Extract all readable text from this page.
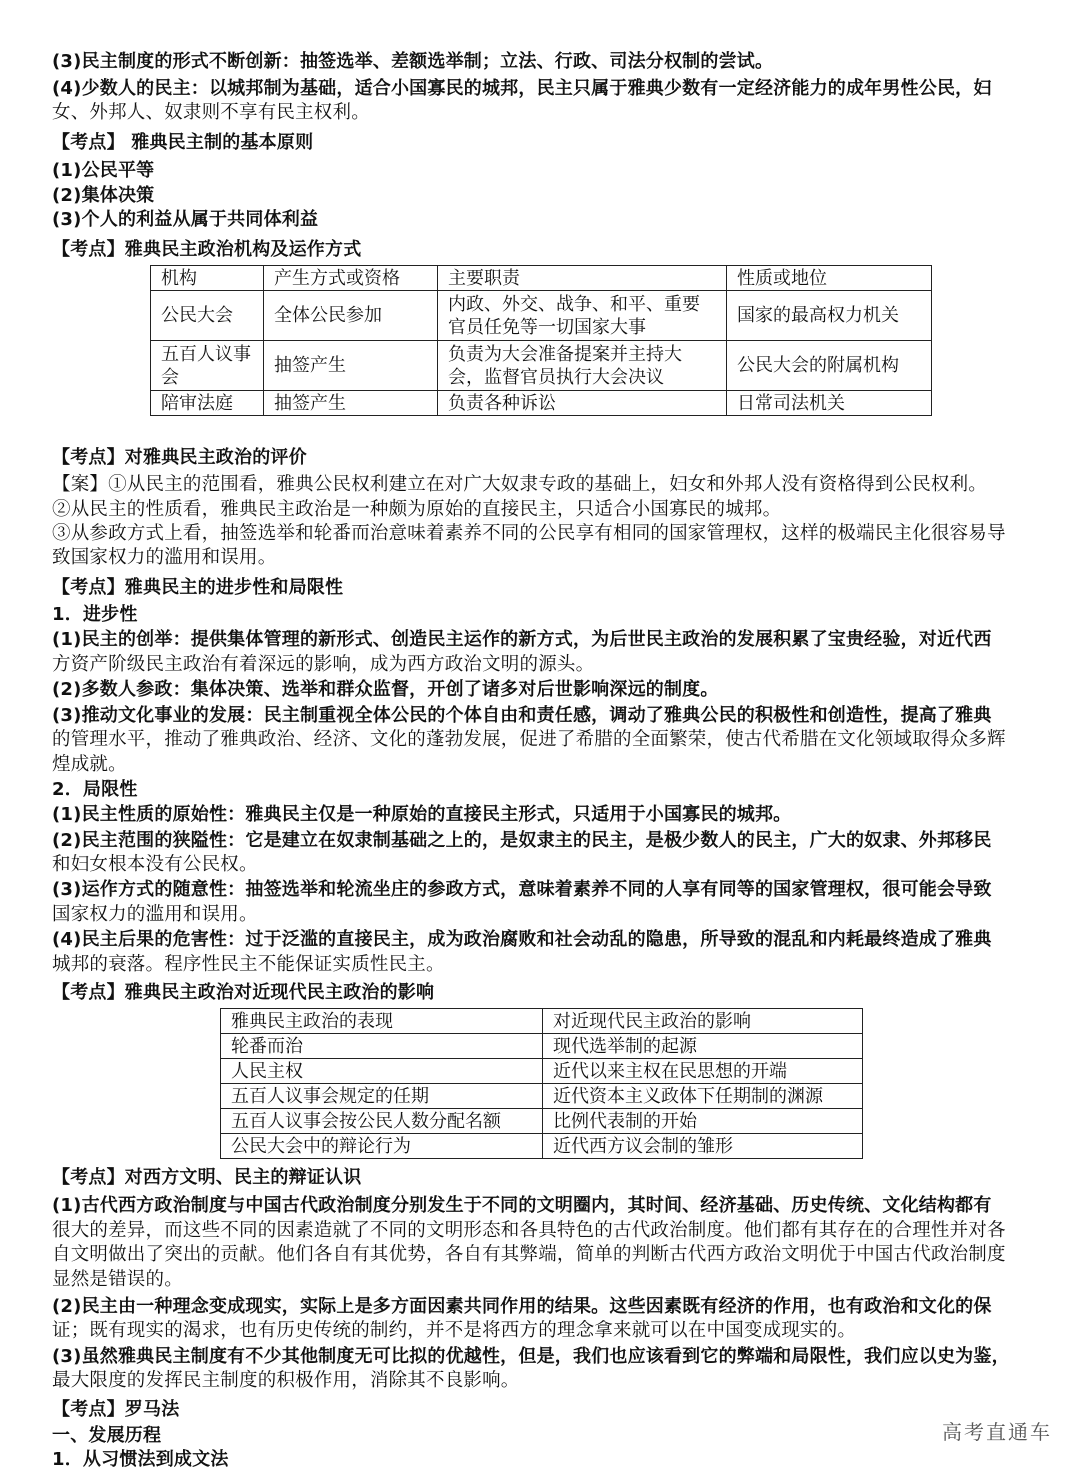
(3)民主制度的形式不断创新：抽签选举、差额选举制；立法、行政、司法分权制的尝试。
(4)少数人的民主：以城邦制为基础，适合小国寡民的城邦，民主只属于雅典少数有一定经济能力的成年男性公民，妇
女、外邦人、奴隶则不享有民主权利。
【考点】 雅典民主制的基本原则
(1)公民平等
(2)集体决策
(3)个人的利益从属于共同体利益
【考点】雅典民主政治机构及运作方式
机构	产生方式或资格	主要职责	性质或地位
公民大会	全体公民参加	内政、外交、战争、和平、重要官员任免等一切国家大事	国家的最高权力机关
五百人议事会	抽签产生	负责为大会准备提案并主持大会，监督官员执行大会决议	公民大会的附属机构
陪审法庭	抽签产生	负责各种诉讼	日常司法机关
【考点】对雅典民主政治的评价
【案】①从民主的范围看，雅典公民权利建立在对广大奴隶专政的基础上，妇女和外邦人没有资格得到公民权利。
②从民主的性质看，雅典民主政治是一种颇为原始的直接民主，只适合小国寡民的城邦。
③从参政方式上看，抽签选举和轮番而治意味着素养不同的公民享有相同的国家管理权，这样的极端民主化很容易导
致国家权力的滥用和误用。
【考点】雅典民主的进步性和局限性
1．进步性
(1)民主的创举：提供集体管理的新形式、创造民主运作的新方式，为后世民主政治的发展积累了宝贵经验，对近代西
方资产阶级民主政治有着深远的影响，成为西方政治文明的源头。
(2)多数人参政：集体决策、选举和群众监督，开创了诸多对后世影响深远的制度。
(3)推动文化事业的发展：民主制重视全体公民的个体自由和责任感，调动了雅典公民的积极性和创造性，提高了雅典
的管理水平，推动了雅典政治、经济、文化的蓬勃发展，促进了希腊的全面繁荣，使古代希腊在文化领域取得众多辉
煌成就。
2．局限性
(1)民主性质的原始性：雅典民主仅是一种原始的直接民主形式，只适用于小国寡民的城邦。
(2)民主范围的狭隘性：它是建立在奴隶制基础之上的，是奴隶主的民主，是极少数人的民主，广大的奴隶、外邦移民
和妇女根本没有公民权。
(3)运作方式的随意性：抽签选举和轮流坐庄的参政方式，意味着素养不同的人享有同等的国家管理权，很可能会导致
国家权力的滥用和误用。
(4)民主后果的危害性：过于泛滥的直接民主，成为政治腐败和社会动乱的隐患，所导致的混乱和内耗最终造成了雅典
城邦的衰落。程序性民主不能保证实质性民主。
【考点】雅典民主政治对近现代民主政治的影响
雅典民主政治的表现	对近现代民主政治的影响
轮番而治	现代选举制的起源
人民主权	近代以来主权在民思想的开端
五百人议事会规定的任期	近代资本主义政体下任期制的渊源
五百人议事会按公民人数分配名额	比例代表制的开始
公民大会中的辩论行为	近代西方议会制的雏形
【考点】对西方文明、民主的辩证认识
(1)古代西方政治制度与中国古代政治制度分别发生于不同的文明圈内，其时间、经济基础、历史传统、文化结构都有
很大的差异，而这些不同的因素造就了不同的文明形态和各具特色的古代政治制度。他们都有其存在的合理性并对各
自文明做出了突出的贡献。他们各自有其优势，各自有其弊端，简单的判断古代西方政治文明优于中国古代政治制度
显然是错误的。
(2)民主由一种理念变成现实，实际上是多方面因素共同作用的结果。这些因素既有经济的作用，也有政治和文化的保
证；既有现实的渴求，也有历史传统的制约，并不是将西方的理念拿来就可以在中国变成现实的。
(3)虽然雅典民主制度有不少其他制度无可比拟的优越性，但是，我们也应该看到它的弊端和局限性，我们应以史为鉴，
最大限度的发挥民主制度的积极作用，消除其不良影响。
【考点】罗马法
一、发展历程
1．从习惯法到成文法
高考直通车
